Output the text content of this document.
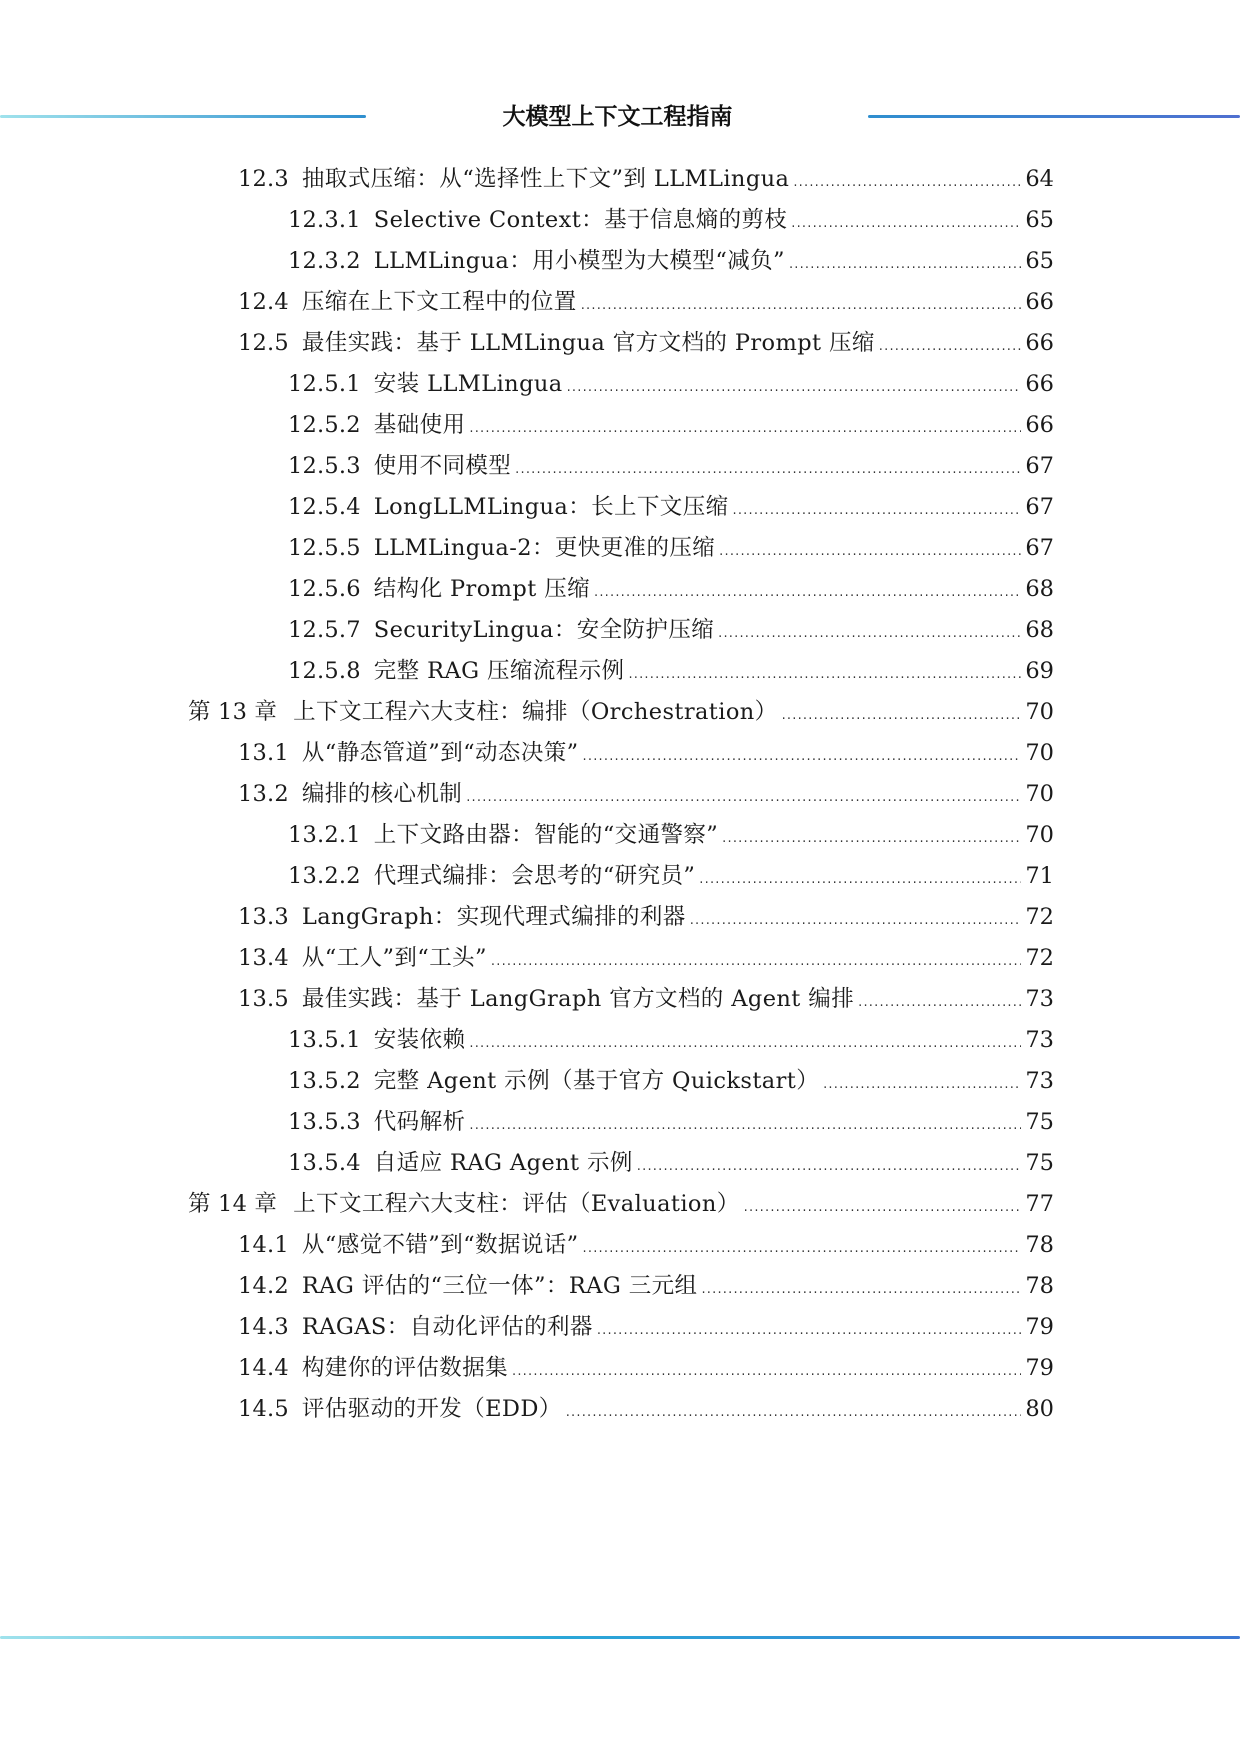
大模型上下文工程指南
12.3 抽取式压缩：从“选择性上下文”到 LLMLingua .....	64
12.3.1 Selective Context：基于信息熵的剪枝 .....	65
12.3.2 LLMLingua：用小模型为大模型“减负” .....	65
12.4 压缩在上下文工程中的位置 .....	66
12.5 最佳实践：基于 LLMLingua 官方文档的 Prompt 压缩 .....	66
12.5.1 安装 LLMLingua .....	66
12.5.2 基础使用 .....	66
12.5.3 使用不同模型 .....	67
12.5.4 LongLLMLingua：长上下文压缩 .....	67
12.5.5 LLMLingua-2：更快更准的压缩 .....	67
12.5.6 结构化 Prompt 压缩 .....	68
12.5.7 SecurityLingua：安全防护压缩 .....	68
12.5.8 完整 RAG 压缩流程示例 .....	69
第 13 章 上下文工程六大支柱：编排（Orchestration） .....	70
13.1 从“静态管道”到“动态决策” .....	70
13.2 编排的核心机制 .....	70
13.2.1 上下文路由器：智能的“交通警察” .....	70
13.2.2 代理式编排：会思考的“研究员” .....	71
13.3 LangGraph：实现代理式编排的利器 .....	72
13.4 从“工人”到“工头” .....	72
13.5 最佳实践：基于 LangGraph 官方文档的 Agent 编排 .....	73
13.5.1 安装依赖 .....	73
13.5.2 完整 Agent 示例（基于官方 Quickstart） .....	73
13.5.3 代码解析 .....	75
13.5.4 自适应 RAG Agent 示例 .....	75
第 14 章 上下文工程六大支柱：评估（Evaluation） .....	77
14.1 从“感觉不错”到“数据说话” .....	78
14.2 RAG 评估的“三位一体”：RAG 三元组 .....	78
14.3 RAGAS：自动化评估的利器 .....	79
14.4 构建你的评估数据集 .....	79
14.5 评估驱动的开发（EDD） .....	80
